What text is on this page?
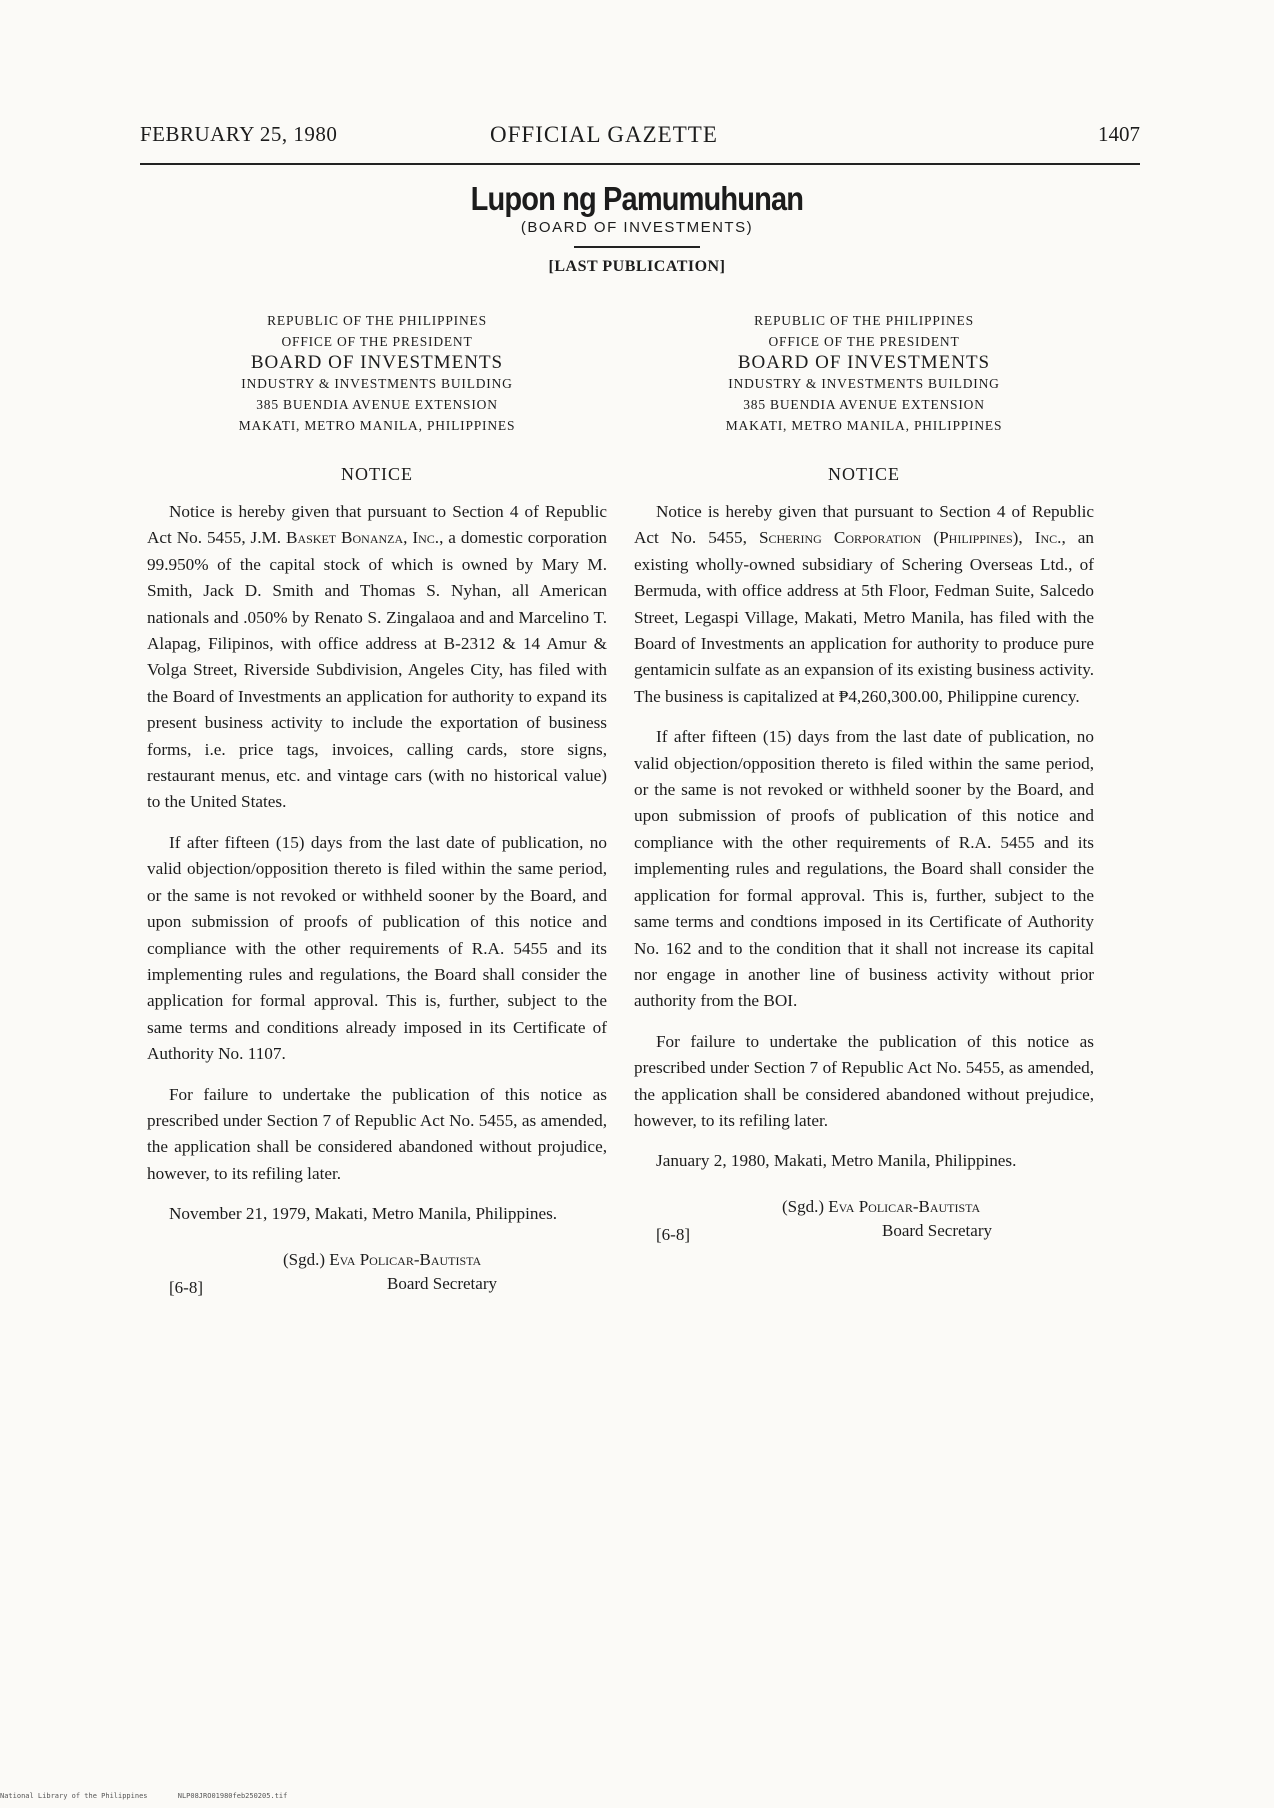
FEBRUARY 25, 1980	OFFICIAL GAZETTE	1407
Lupon ng Pamumuhunan
(BOARD OF INVESTMENTS)
[LAST PUBLICATION]
REPUBLIC OF THE PHILIPPINES
OFFICE OF THE PRESIDENT
BOARD OF INVESTMENTS
INDUSTRY & INVESTMENTS BUILDING
385 BUENDIA AVENUE EXTENSION
MAKATI, METRO MANILA, PHILIPPINES
NOTICE

Notice is hereby given that pursuant to Section 4 of Republic Act No. 5455, J.M. Basket Bonanza, Inc., a domestic corporation 99.950% of the capital stock of which is owned by Mary M. Smith, Jack D. Smith and Thomas S. Nyhan, all American nationals and .050% by Renato S. Zingalaoa and and Marcelino T. Alapag, Filipinos, with office address at B-2312 & 14 Amur & Volga Street, Riverside Subdivision, Angeles City, has filed with the Board of Investments an application for authority to expand its present business activity to include the exportation of business forms, i.e. price tags, invoices, calling cards, store signs, restaurant menus, etc. and vintage cars (with no historical value) to the United States.

If after fifteen (15) days from the last date of publication, no valid objection/opposition thereto is filed within the same period, or the same is not revoked or withheld sooner by the Board, and upon submission of proofs of publication of this notice and compliance with the other requirements of R.A. 5455 and its implementing rules and regulations, the Board shall consider the application for formal approval. This is, further, subject to the same terms and conditions already imposed in its Certificate of Authority No. 1107.

For failure to undertake the publication of this notice as prescribed under Section 7 of Republic Act No. 5455, as amended, the application shall be considered abandoned without projudice, however, to its refiling later.

November 21, 1979, Makati, Metro Manila, Philippines.

[6-8]
(Sgd.) Eva Policar-Bautista
Board Secretary
REPUBLIC OF THE PHILIPPINES
OFFICE OF THE PRESIDENT
BOARD OF INVESTMENTS
INDUSTRY & INVESTMENTS BUILDING
385 BUENDIA AVENUE EXTENSION
MAKATI, METRO MANILA, PHILIPPINES
NOTICE

Notice is hereby given that pursuant to Section 4 of Republic Act No. 5455, Schering Corporation (Philippines), Inc., an existing wholly-owned subsidiary of Schering Overseas Ltd., of Bermuda, with office address at 5th Floor, Fedman Suite, Salcedo Street, Legaspi Village, Makati, Metro Manila, has filed with the Board of Investments an application for authority to produce pure gentamicin sulfate as an expansion of its existing business activity. The business is capitalized at ₱4,260,300.00, Philippine curency.

If after fifteen (15) days from the last date of publication, no valid objection/opposition thereto is filed within the same period, or the same is not revoked or withheld sooner by the Board, and upon submission of proofs of publication of this notice and compliance with the other requirements of R.A. 5455 and its implementing rules and regulations, the Board shall consider the application for formal approval. This is, further, subject to the same terms and condtions imposed in its Certificate of Authority No. 162 and to the condition that it shall not increase its capital nor engage in another line of business activity without prior authority from the BOI.

For failure to undertake the publication of this notice as prescribed under Section 7 of Republic Act No. 5455, as amended, the application shall be considered abandoned without prejudice, however, to its refiling later.

January 2, 1980, Makati, Metro Manila, Philippines.

[6-8]
(Sgd.) Eva Policar-Bautista
Board Secretary
National Library of the Philippines	NLP08JRO01980feb250205.tif
